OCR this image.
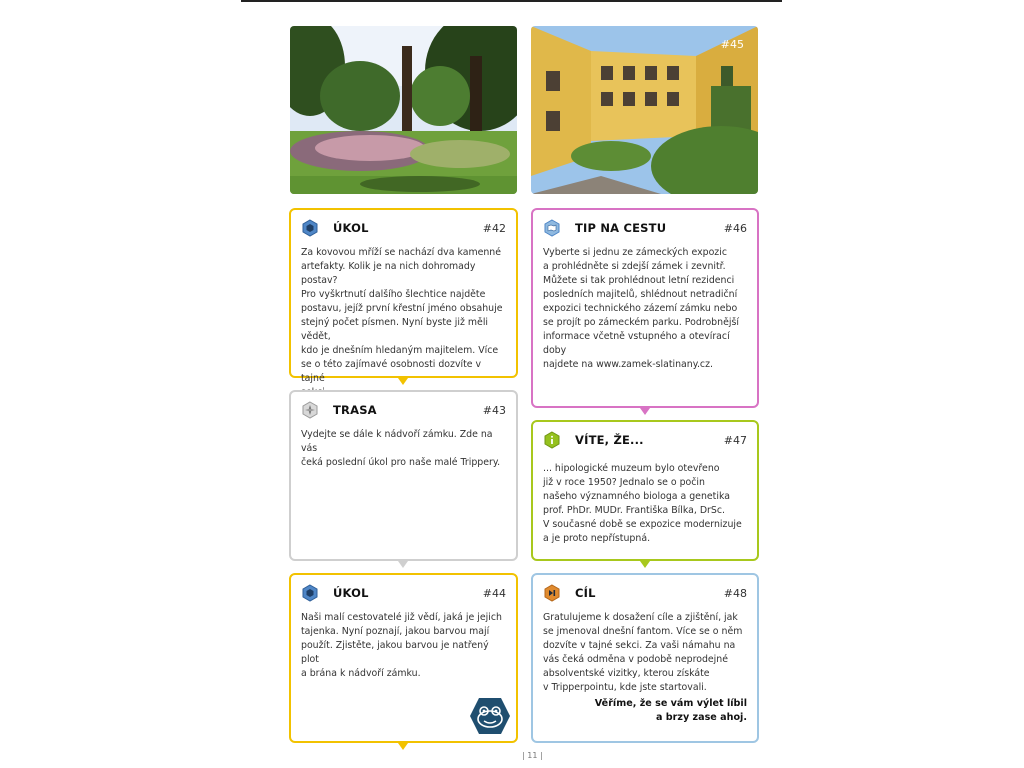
#45
ÚKOL	#42

Za kovovou mříží se nachází dva kamenné

artefakty. Kolik je na nich dohromady postav?

Pro vyškrtnutí dalšího šlechtice najděte

postavu, jejíž první křestní jméno obsahuje

stejný počet písmen. Nyní byste již měli vědět,

kdo je dnešním hledaným majitelem. Více

se o této zajímavé osobnosti dozvíte v tajné

TIP NA CESTU	#46

Vyberte si jednu ze zámeckých expozic

a prohlédněte si zdejší zámek i zevnitř.

Můžete si tak prohlédnout letní rezidenci

posledních majitelů, shlédnout netradiční

expozici technického zázemí zámku nebo

se projít po zámeckém parku. Podrobnější

informace včetně vstupného a otevírací doby

najdete na www.zamek-slatinany.cz.

TRASA	#43

Vydejte se dále k nádvoří zámku. Zde na vás

čeká poslední úkol pro naše malé Trippery.

VÍTE, ŽE...	#47

... hipologické muzeum bylo otevřeno

již v roce 1950? Jednalo se o počin

našeho významného biologa a genetika

prof. PhDr. MUDr. Františka Bílka, DrSc.

V současné době se expozice modernizuje

a je proto nepřístupná.

ÚKOL	#44

Naši malí cestovatelé již vědí, jaká je jejich

tajenka. Nyní poznají, jakou barvou mají

použít. Zjistěte, jakou barvou je natřený plot

a brána k nádvoří zámku.

CÍL	#48

Gratulujeme k dosažení cíle a zjištění, jak

se jmenoval dnešní fantom. Více se o něm

dozvíte v tajné sekci. Za vaši námahu na

vás čeká odměna v podobě neprodejné

absolventské vizitky, kterou získáte

v Tripperpointu, kde jste startovali.

Věříme, že se vám výlet líbil
a brzy zase ahoj.
| 11 |
